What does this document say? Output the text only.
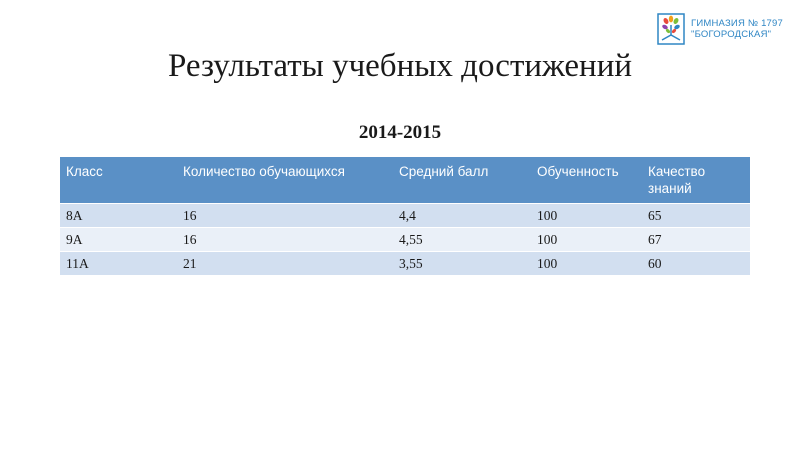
ГИМНАЗИЯ № 1797
"БОГОРОДСКАЯ"
Результаты учебных достижений
2014-2015
Класс	Количество обучающихся	Средний балл	Обученность	Качество знаний
8А	16	4,4	100	65
9А	16	4,55	100	67
11А	21	3,55	100	60
